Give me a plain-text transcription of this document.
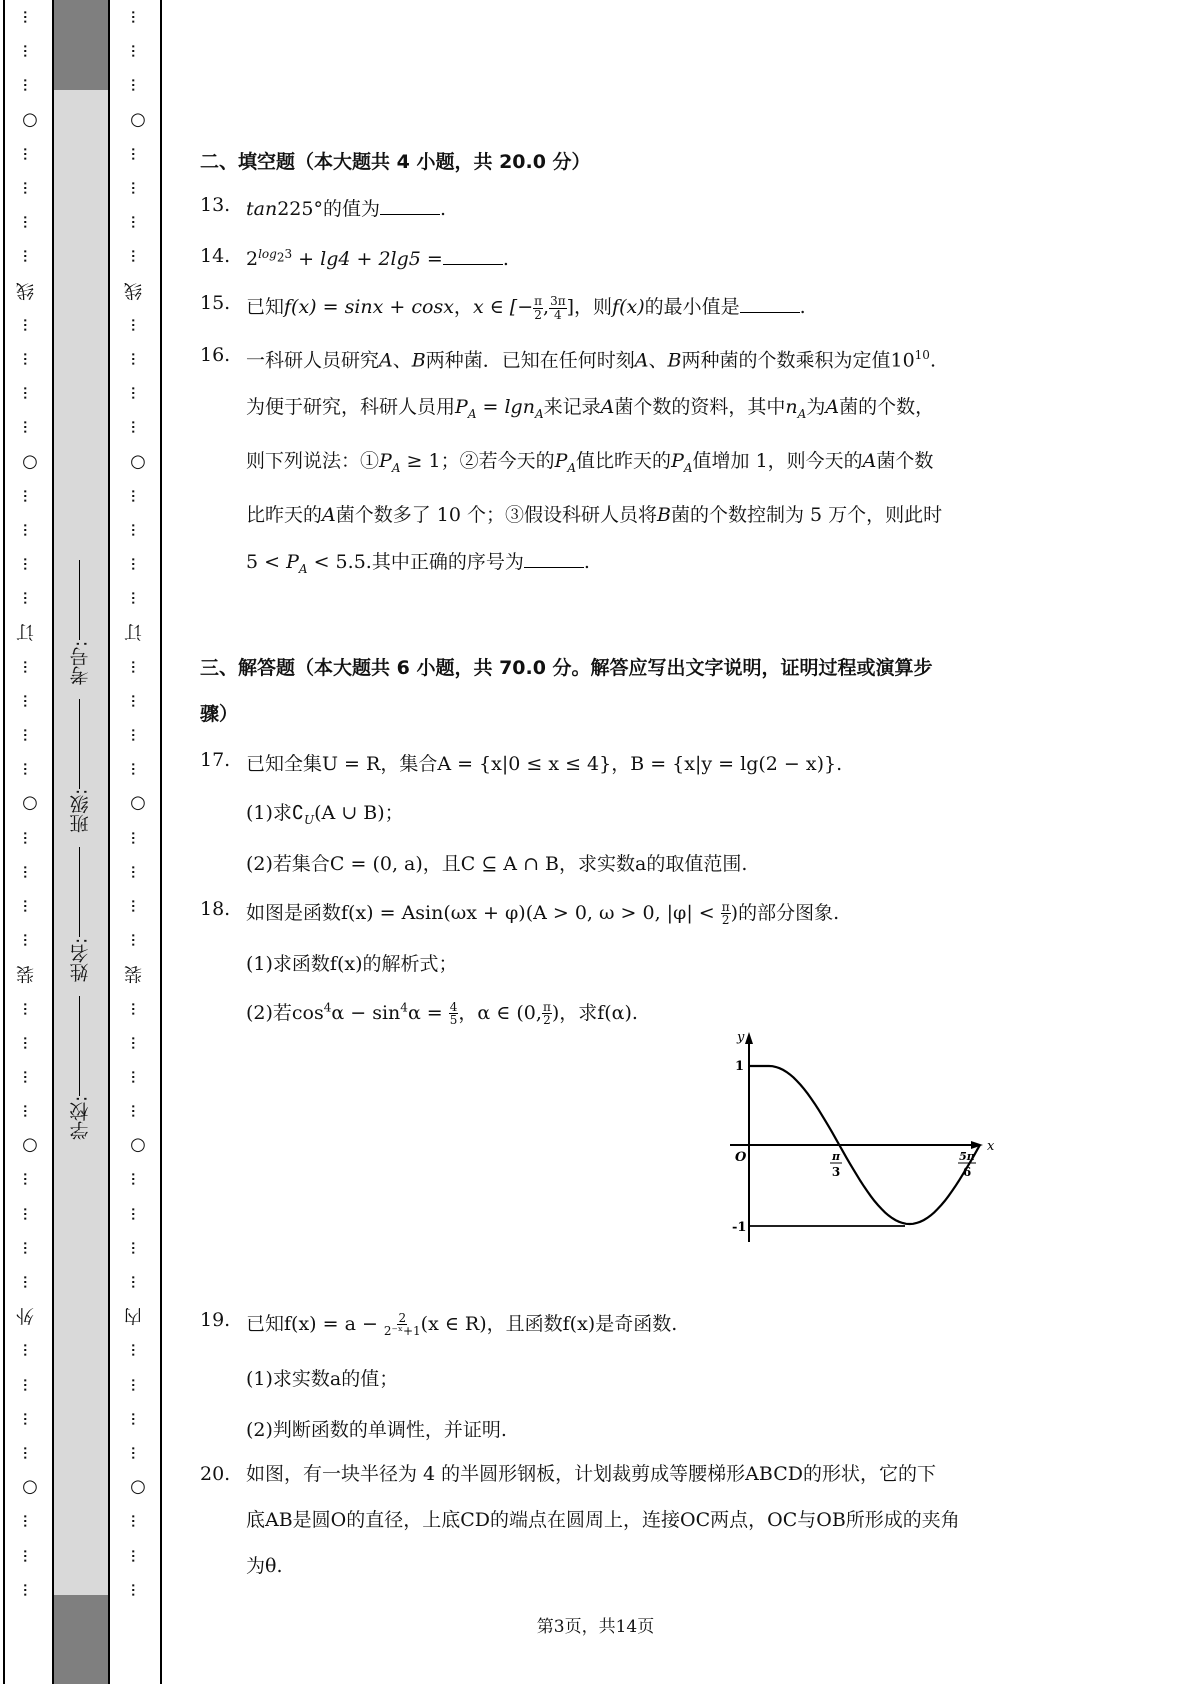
⋯
⋯
⋯
○
⋯
⋯
⋯
⋯
线
⋯
⋯
⋯
⋯
○
⋯
⋯
⋯
⋯
订
⋯
⋯
⋯
⋯
○
⋯
⋯
⋯
⋯
装
⋯
⋯
⋯
⋯
○
⋯
⋯
⋯
⋯
外
⋯
⋯
⋯
⋯
○
⋯
⋯
⋯
⋯
⋯
⋯
○
⋯
⋯
⋯
⋯
线
⋯
⋯
⋯
⋯
○
⋯
⋯
⋯
⋯
订
⋯
⋯
⋯
⋯
○
⋯
⋯
⋯
⋯
装
⋯
⋯
⋯
⋯
○
⋯
⋯
⋯
⋯
内
⋯
⋯
⋯
⋯
○
⋯
⋯
⋯
学校:
姓名:
班级:
考号:

二、填空题（本大题共 4 小题，共 20.0 分）

13. tan225°的值为	.
14. $2^{log_23} + \lg 4 + 2\lg 5$ =	.
15. 已知f(x) = sinx + cosx，x ∈ [− $\frac{\pi}{2}$ , $\frac{3\pi}{4}$ ]，则f(x)的最小值是	.
16. 一科研人员研究A、B两种菌．已知在任何时刻A、B两种菌的个数乘积为定值$10^{10}$.
为便于研究，科研人员用$P_A = \lg n_A$来记录A菌个数的资料，其中$n_A$为A菌的个数，
则下列说法：$①P_A \ge 1$；②若今天的$P_A$值比昨天的$P_A$值增加 1，则今天的A菌个数
比昨天的A菌个数多了 10 个；③假设科研人员将B菌的个数控制为 5 万个，则此时
$5 < P_A < 5.5$.其中正确的序号为	.

三、解答题（本大题共 6 小题，共 70.0 分。解答应写出文字说明，证明过程或演算步
骤）

17. 已知全集U = R，集合A = {x|0 ≤ x ≤ 4}，B = {x|y = lg(2 − x)}.
(1)求$∁_U(A$ ∪ B)；
(2)若集合C = (0, a)，且C ⊆ A ∩ B，求实数a的取值范围.
18. 如图是函数f(x) = Asin(ωx + φ)(A > 0, ω > 0, $|\varphi| < \frac{\pi}{2}$ )的部分图象.
(1)求函数f(x)的解析式；
(2)若$\cos^4\alpha - \sin^4\alpha = \frac{4}{5}$ ，α ∈ (0, $\frac{\pi}{2}$ )，求f(α).
19. 已知$f(x) = a - \frac{2}{\text{2⁻ˣ+1}} (x$ ∈ R)，且函数f(x)是奇函数.
(1)求实数a的值；
(2)判断函数的单调性，并证明.
20. 如图，有一块半径为 4 的半圆形钢板，计划裁剪成等腰梯形ABCD的形状，它的下
底AB是圆O的直径，上底CD的端点在圆周上，连接OC两点，OC与OB所形成的夹角
为θ.
y
x
O
1
-1
π
3
5π
6
第3页，共14页
